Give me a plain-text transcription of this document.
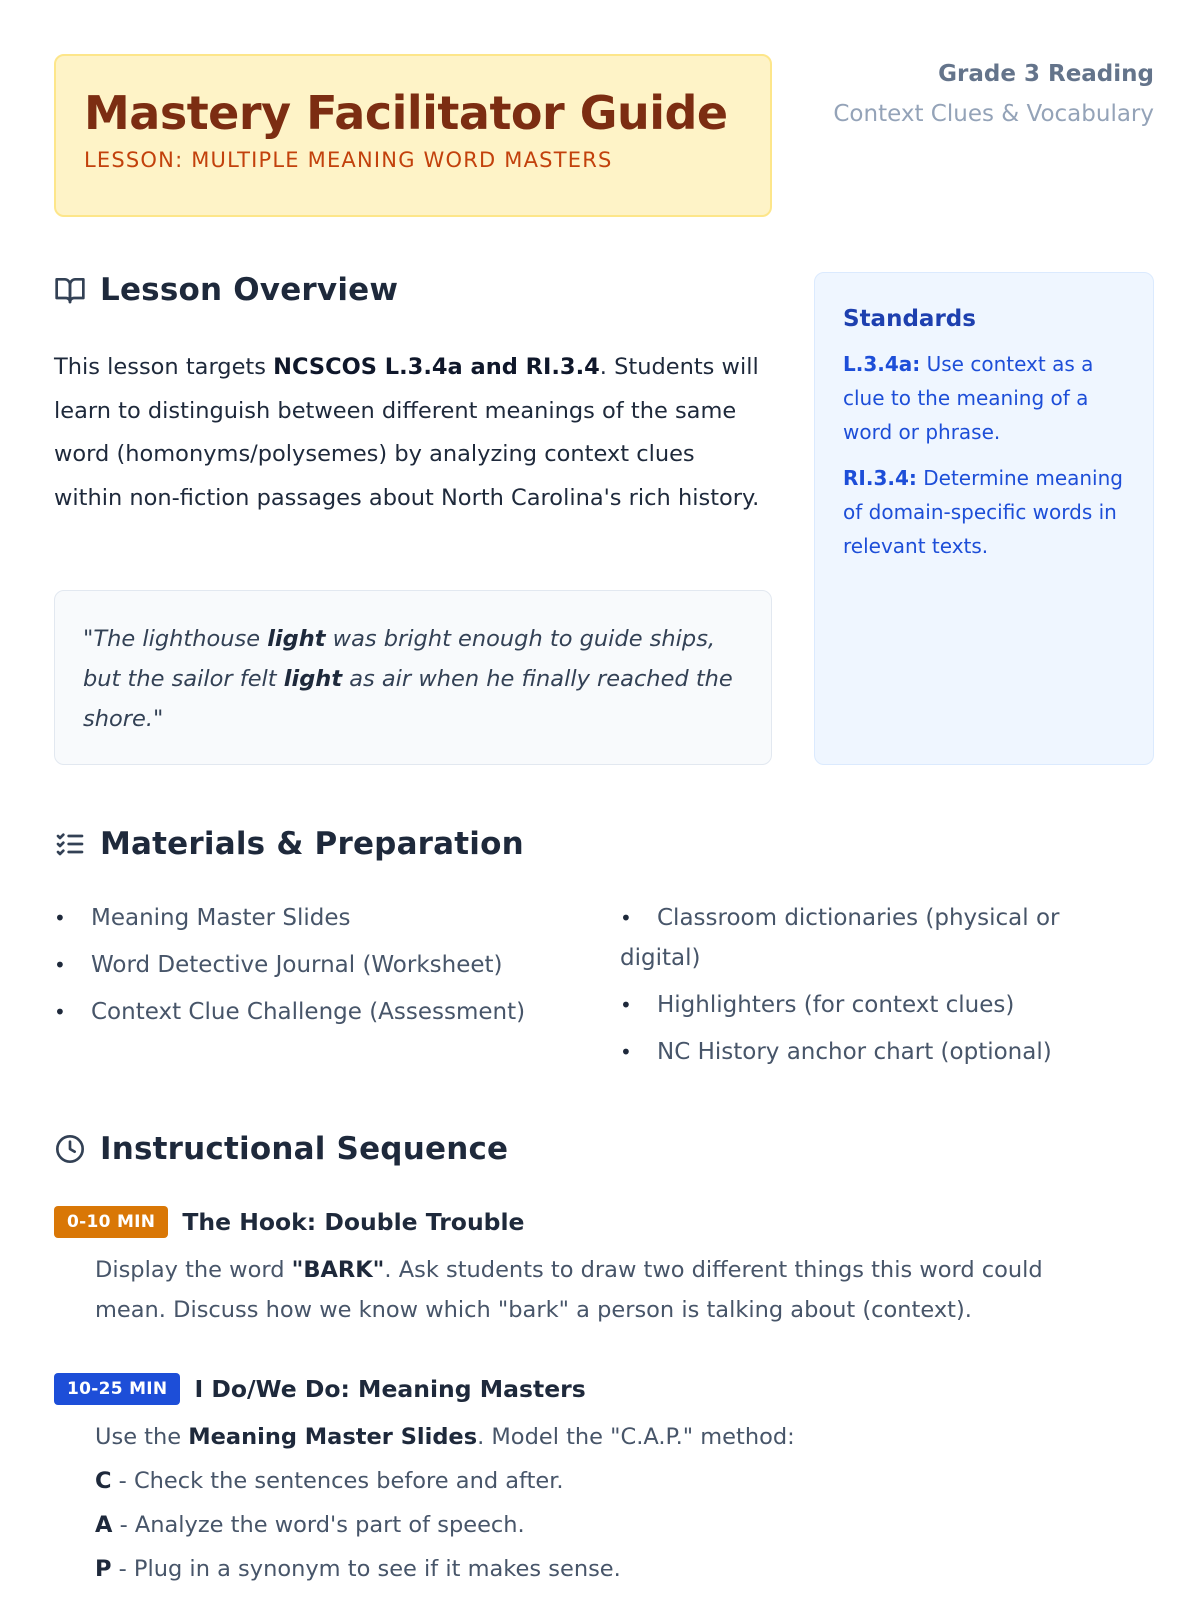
Mastery Facilitator Guide
LESSON: MULTIPLE MEANING WORD MASTERS
Grade 3 Reading
Context Clues & Vocabulary
Lesson Overview
This lesson targets NCSCOS L.3.4a and RI.3.4. Students will learn to distinguish between different meanings of the same word (homonyms/polysemes) by analyzing context clues within non-fiction passages about North Carolina's rich history.
"The lighthouse light was bright enough to guide ships, but the sailor felt light as air when he finally reached the shore."
Standards

L.3.4a: Use context as a clue to the meaning of a word or phrase.

RI.3.4: Determine meaning of domain-specific words in relevant texts.

Materials & Preparation
• Meaning Master Slides
• Word Detective Journal (Worksheet)
• Context Clue Challenge (Assessment)
• Classroom dictionaries (physical or digital)
• Highlighters (for context clues)
• NC History anchor chart (optional)
Instructional Sequence
0-10 MIN	The Hook: Double Trouble
Display the word "BARK". Ask students to draw two different things this word could
mean. Discuss how we know which "bark" a person is talking about (context).
10-25 MIN	I Do/We Do: Meaning Masters
Use the Meaning Master Slides. Model the "C.A.P." method:
C - Check the sentences before and after.
A - Analyze the word's part of speech.
P - Plug in a synonym to see if it makes sense.
